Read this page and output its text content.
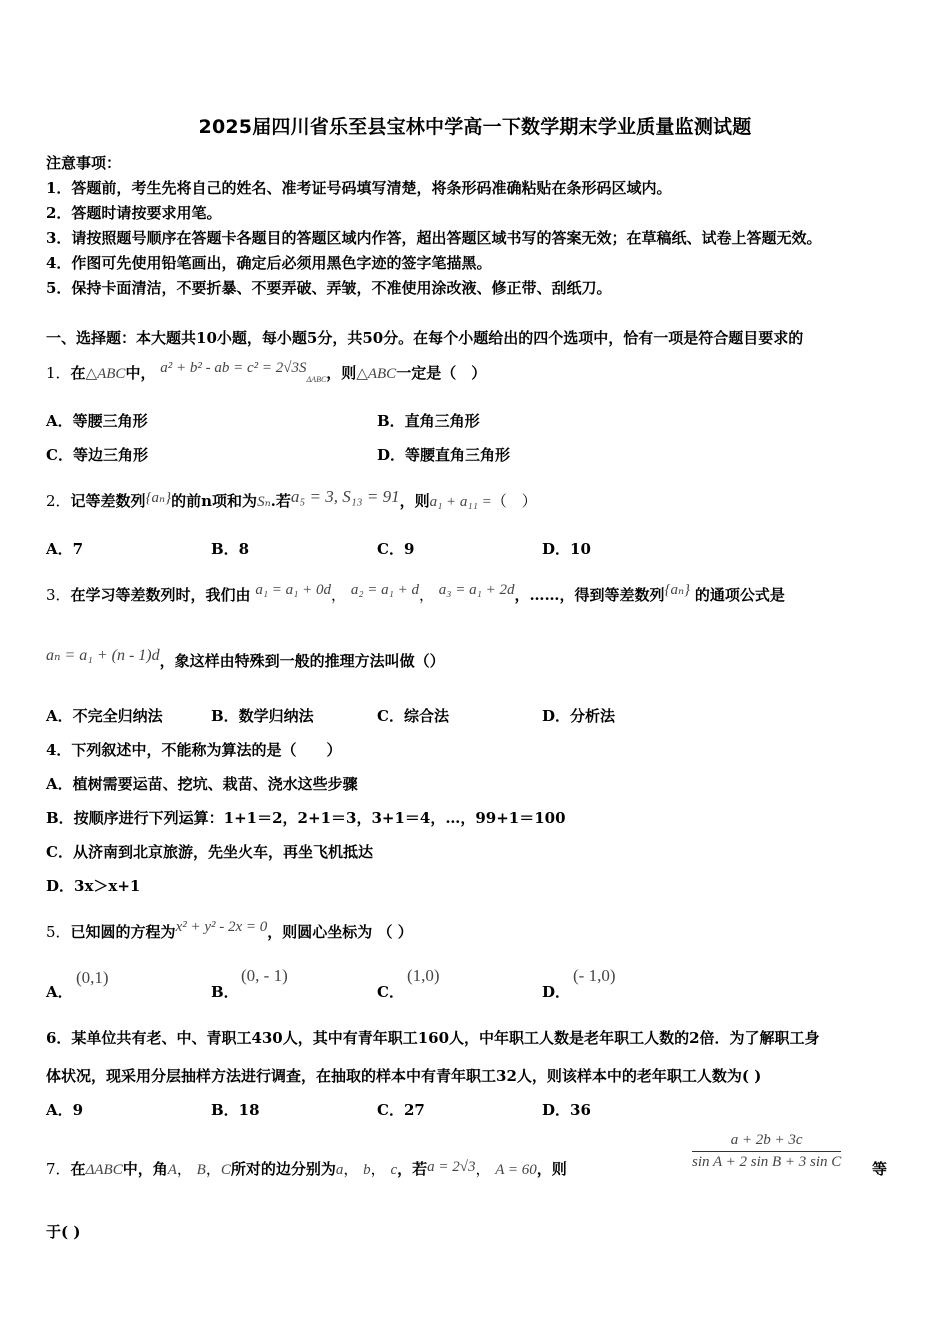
2025届四川省乐至县宝林中学高一下数学期末学业质量监测试题
注意事项：
1．答题前，考生先将自己的姓名、准考证号码填写清楚，将条形码准确粘贴在条形码区域内。
2．答题时请按要求用笔。
3．请按照题号顺序在答题卡各题目的答题区域内作答，超出答题区域书写的答案无效；在草稿纸、试卷上答题无效。
4．作图可先使用铅笔画出，确定后必须用黑色字迹的签字笔描黑。
5．保持卡面清洁，不要折暴、不要弄破、弄皱，不准使用涂改液、修正带、刮纸刀。
一、选择题：本大题共10小题，每小题5分，共50分。在每个小题给出的四个选项中，恰有一项是符合题目要求的
1．在△ABC中， a² + b² - ab = $c^2 = 2√3S_{\Delta ABC}$，则△ABC一定是（　）
A．等腰三角形	B．直角三角形
C．等边三角形	D．等腰直角三角形
2．记等差数列{aₙ}的前n项和为Sₙ.若a₅ = 3, S₁₃ = 91，则a₁ + a₁₁ =（　）
A．7	B．8	C．9	D．10
3．在学习等差数列时，我们由 a₁ = a₁ + 0d， a₂ = a₁ + d， a₃ = a₁ + 2d，……，得到等差数列{aₙ} 的通项公式是
aₙ = a₁ + (n - 1)d，象这样由特殊到一般的推理方法叫做（）
A．不完全归纳法	B．数学归纳法	C．综合法	D．分析法
4．下列叙述中，不能称为算法的是（　　）
A．植树需要运苗、挖坑、栽苗、浇水这些步骤
B．按顺序进行下列运算：1+1＝2，2+1＝3，3+1＝4，…，99+1＝100
C．从济南到北京旅游，先坐火车，再坐飞机抵达
D．3x＞x+1
5．已知圆的方程为x² + y² - 2x = 0，则圆心坐标为 （ ）
A．
(0,1)
B．
(0, - 1)
C．
(1,0)
D．
(- 1,0)
6．某单位共有老、中、青职工430人，其中有青年职工160人，中年职工人数是老年职工人数的2倍．为了解职工身
体状况，现采用分层抽样方法进行调查，在抽取的样本中有青年职工32人，则该样本中的老年职工人数为( )
A．9	B．18	C．27	D．36
7．在ΔABC中，角A， B，C所对的边分别为a， b， c，若a = 2√3， A = 60，则	$\frac{a + 2b + 3c}{\text{sin A + 2 sin B + 3 sin C}}$ 等
于( )
